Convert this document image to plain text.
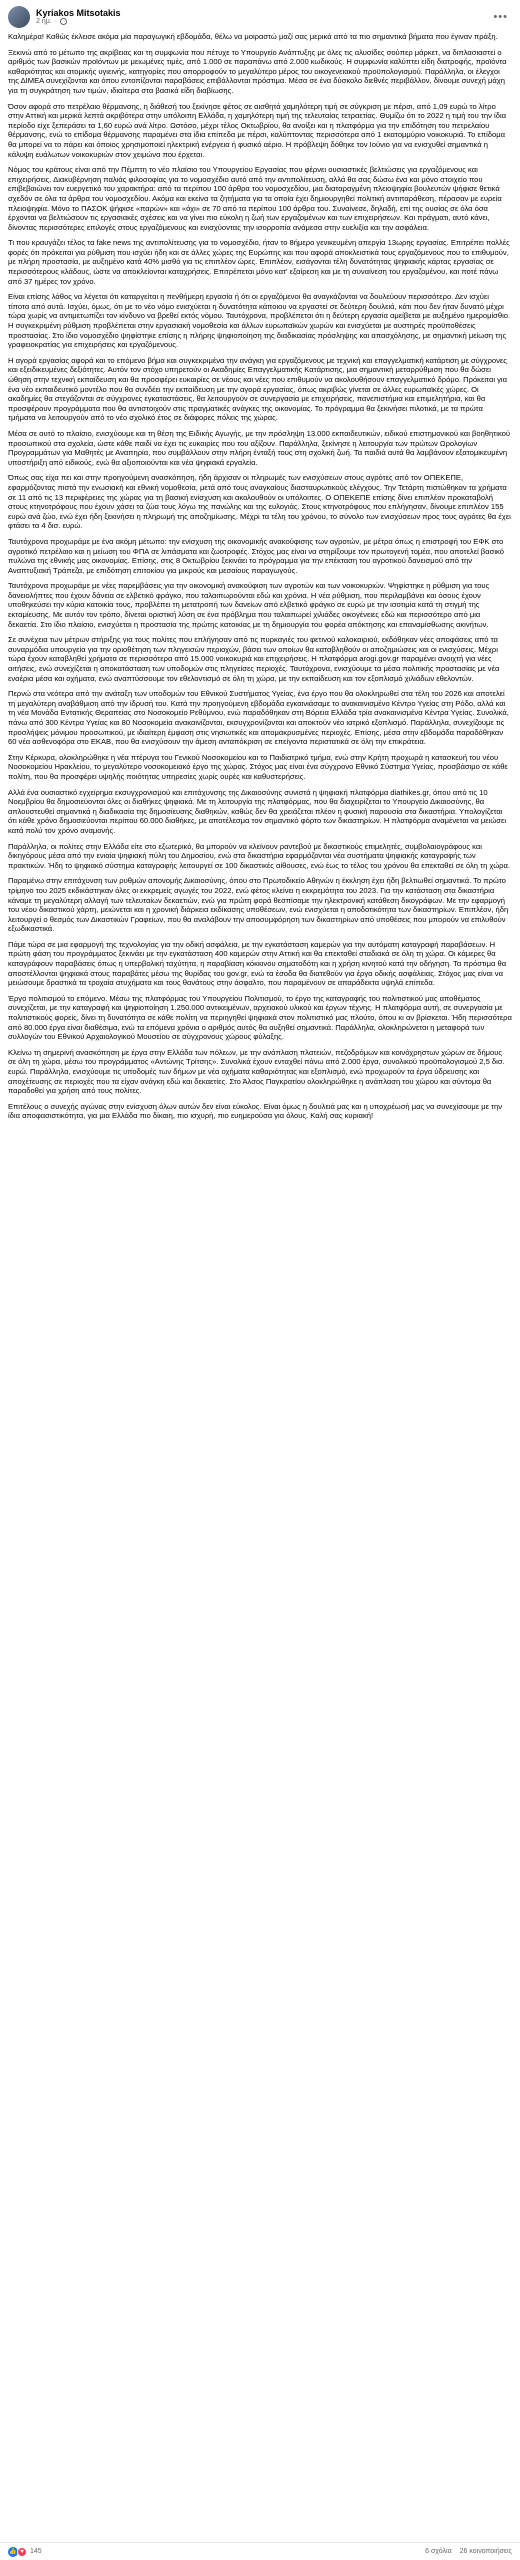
Kyriakos Mitsotakis
2 ημ. ·	•••

Καλημέρα! Καθώς έκλεισε ακόμα μία παραγωγική εβδομάδα, θέλω να μοιραστώ μαζί σας μερικά από τα πιο σημαντικά βήματα που έγιναν πράξη.

Ξεκινώ από το μέτωπο της ακρίβειας και τη συμφωνία που πέτυχε το Υπουργείο Ανάπτυξης με όλες τις αλυσίδες σούπερ μάρκετ, να διπλασιαστεί ο αριθμός των βασικών προϊόντων με μειωμένες τιμές, από 1.000 σε παραπάνω από 2.000 κωδικούς. Η συμφωνία καλύπτει είδη διατροφής, προϊόντα καθαριότητας και ατομικής υγιεινής, κατηγορίες που απορροφούν το μεγαλύτερο μέρος του οικογενειακού προϋπολογισμού. Παράλληλα, οι έλεγχοι της ΔΙΜΕΑ συνεχίζονται και όπου εντοπίζονται παραβάσεις επιβάλλονται πρόστιμα. Μέσα σε ένα δύσκολο διεθνές περιβάλλον, δίνουμε συνεχή μάχη για τη συγκράτηση των τιμών, ιδιαίτερα στα βασικά είδη διαβίωσης.

Όσον αφορά στο πετρέλαιο θέρμανσης, η διάθεσή του ξεκίνησε φέτος σε αισθητά χαμηλότερη τιμή σε σύγκριση με πέρσι, από 1,09 ευρώ το λίτρο στην Αττική και μερικά λεπτά ακριβότερα στην υπόλοιπη Ελλάδα, η χαμηλότερη τιμή της τελευταίας τετραετίας. Θυμίζω ότι το 2022 η τιμή του την ίδια περίοδο είχε ξεπεράσει τα 1,60 ευρώ ανά λίτρο. Ωστόσο, μέχρι τέλος Οκτωβρίου, θα ανοίξει και η πλατφόρμα για την επιδότηση του πετρελαίου θέρμανσης, ενώ το επίδομα θέρμανσης παραμένει στα ίδια επίπεδα με πέρσι, καλύπτοντας περισσότερα από 1 εκατομμύριο νοικοκυριά. Το επίδομα θα μπορεί να το πάρει και όποιος χρησιμοποιεί ηλεκτρική ενέργεια ή φυσικό αέριο. Η πρόβλεψη δόθηκε τον Ιούνιο για να ενισχυθεί σημαντικά η κάλυψη ευάλωτων νοικοκυριών στον χειμώνα που έρχεται.

Νόμος του κράτους είναι από την Πέμπτη το νέο πλαίσιο του Υπουργείου Εργασίας που φέρνει ουσιαστικές βελτιώσεις για εργαζόμενους και επιχειρήσεις. Διακυβέρνηση παλιάς φιλοσοφίας για το νομοσχέδιο αυτό από την αντιπολίτευση, αλλά θα σας δώσω ένα και μόνο στοιχείο που επιβεβαιώνει τον ευεργετικό του χαρακτήρα: από τα περίπου 100 άρθρα του νομοσχεδίου, μια διαταραγμένη πλειοψηφία βουλευτών ψήφισε θετικά σχεδόν σε όλα τα άρθρα του νομοσχεδίου. Ακόμα και εκείνα τα ζητήματα για τα οποία έχει δημιουργηθεί πολιτική αντιπαράθεση, πέρασαν με ευρεία πλειοψηφία. Μόνο το ΠΑΣΟΚ ψήφισε «παρών» και «όχι» σε 70 από τα περίπου 100 άρθρα του. Συναίνεσε, δηλαδή, επί της ουσίας σε όλα όσα έρχονται να βελτιώσουν τις εργασιακές σχέσεις και να γίνει πιο εύκολη η ζωή των εργαζομένων και των επιχειρήσεων. Και πράγματι, αυτό κάνει, δίνοντας περισσότερες επιλογές στους εργαζόμενους και ενισχύοντας την ισορροπία ανάμεσα στην ευελιξία και την ασφάλεια.

Τι που κραυγάζει τέλος τα fake news της αντιπολίτευσης για το νομοσχέδιο, ήταν το 8ήμερο γενικευμένη απεργία 13ωρης εργασίας. Επιτρέπει πολλές φορές ότι πρόκειται για ρύθμιση που ισχύει ήδη και σε άλλες χώρες της Ευρώπης και που αφορά αποκλειστικά τους εργαζόμενους που το επιθυμούν, με πλήρη προστασία, με αυξημένο κατά 40% μισθό για τις επιπλέον ώρες. Επιπλέον, εισάγονται τέλη δυνατότητας ψηφιακής κάρτας εργασίας σε περισσότερους κλάδους, ώστε να αποκλείονται καταχρήσεις. Επιτρέπεται μόνο κατ' εξαίρεση και με τη συναίνεση του εργαζομένου, και ποτέ πάνω από 37 ημέρες τον χρόνο.

Είναι επίσης λάθος να λέγεται ότι καταργείται η πενθήμερη εργασία ή ότι οι εργαζόμενοι θα αναγκάζονται να δουλεύουν περισσότερο. Δεν ισχύει τίποτα από αυτά. Ισχύει, όμως, ότι με το νέο νόμο ενισχύεται η δυνατότητα κάποιου να εργαστεί σε δεύτερη δουλειά, κάτι που δεν ήταν δυνατό μέχρι τώρα χωρίς να αντιμετωπίζει τον κίνδυνο να βρεθεί εκτός νόμου. Ταυτόχρονα, προβλέπεται ότι η δεύτερη εργασία αμείβεται με αυξημένο ημερομίσθιο. Η συγκεκριμένη ρύθμιση προβλέπεται στην εργασιακή νομοθεσία και άλλων ευρωπαϊκών χωρών και ενισχύεται με αυστηρές προϋποθέσεις προστασίας. Στο ίδιο νομοσχέδιο ψηφίστηκε επίσης η πλήρης ψηφιοποίηση της διαδικασίας πρόσληψης και απασχόλησης, με σημαντική μείωση της γραφειοκρατίας για επιχειρήσεις και εργαζόμενους.

Η αγορά εργασίας αφορά και το επόμενο βήμα και συγκεκριμένα την ανάγκη για εργαζόμενους με τεχνική και επαγγελματική κατάρτιση με σύγχρονες και εξειδικευμένες δεξιότητες. Αυτόν τον στόχο υπηρετούν οι Ακαδημίες Επαγγελματικής Κατάρτισης, μια σημαντική μεταρρύθμιση που θα δώσει ώθηση στην τεχνική εκπαίδευση και θα προσφέρει ευκαιρίες σε νέους και νέες που επιθυμούν να ακολουθήσουν επαγγελματικό δρόμο. Πρόκειται για ένα νέο εκπαιδευτικό μοντέλο που θα συνδέει την εκπαίδευση με την αγορά εργασίας, όπως ακριβώς γίνεται σε άλλες ευρωπαϊκές χώρες. Οι ακαδημίες θα στεγάζονται σε σύγχρονες εγκαταστάσεις, θα λειτουργούν σε συνεργασία με επιχειρήσεις, πανεπιστήμια και επιμελητήρια, και θα προσφέρουν προγράμματα που θα αντιστοιχούν στις πραγματικές ανάγκες της οικονομίας. Το πρόγραμμα θα ξεκινήσει πιλοτικά, με τα πρώτα τμήματα να λειτουργούν από το νέο σχολικό έτος σε διάφορες πόλεις της χώρας.

Μέσα σε αυτό το πλαίσιο, ενισχύουμε και τη θέση της Ειδικής Αγωγής, με την πρόσληψη 13.000 εκπαιδευτικών, ειδικού επιστημονικού και βοηθητικού προσωπικού στα σχολεία, ώστε κάθε παιδί να έχει τις ευκαιρίες που του αξίζουν. Παράλληλα, ξεκίνησε η λειτουργία των πρώτων Ωρολογίων Προγραμμάτων για Μαθητές με Αναπηρία, που συμβάλλουν στην πλήρη ένταξή τους στη σχολική ζωή. Τα παιδιά αυτά θα λαμβάνουν εξατομικευμένη υποστήριξη από ειδικούς, ενώ θα αξιοποιούνται και νέα ψηφιακά εργαλεία.

Όπως σας είχα πει και στην προηγούμενη ανασκόπηση, ήδη άρχισαν οι πληρωμές των ενισχύσεων στους αγρότες από τον ΟΠΕΚΕΠΕ, εφαρμόζοντας πιστά την ενωσιακή και εθνική νομοθεσία, μετά από τους αναγκαίους διασταυρωτικούς ελέγχους. Την Τετάρτη πιστώθηκαν τα χρήματα σε 11 από τις 13 περιφέρειες της χώρας για τη βασική ενίσχυση και ακολουθούν οι υπόλοιπες. Ο ΟΠΕΚΕΠΕ επίσης δίνει επιπλέον προκαταβολή στους κτηνοτρόφους που έχουν χάσει τα ζώα τους λόγω της πανώλης και της ευλογιάς. Στους κτηνοτρόφους που επλήγησαν, δίνουμε επιπλέον 155 ευρώ ανά ζώο, ενώ έχει ήδη ξεκινήσει η πληρωμή της αποζημίωσης. Μέχρι τα τέλη του χρόνου, το σύνολο των ενισχύσεων προς τους αγρότες θα έχει φτάσει τα 4 δισ. ευρώ.

Ταυτόχρονα προχωράμε με ένα ακόμη μέτωπο: την ενίσχυση της οικονομικής ανακούφισης των αγροτών, με μέτρα όπως η επιστροφή του ΕΦΚ στο αγροτικό πετρέλαιο και η μείωση του ΦΠΑ σε λιπάσματα και ζωοτροφές. Στόχος μας είναι να στηρίξουμε τον πρωτογενή τομέα, που αποτελεί βασικό πυλώνα της εθνικής μας οικονομίας. Επίσης, στις 8 Οκτωβρίου ξεκινάει το πρόγραμμα για την επέκταση του αγροτικού δανεισμού από την Αναπτυξιακή Τράπεζα, με επιδότηση επιτοκίου για μικρούς και μεσαίους παραγωγούς.

Ταυτόχρονα προχωράμε με νέες παρεμβάσεις για την οικονομική ανακούφιση των αγροτών και των νοικοκυριών. Ψηφίστηκε η ρύθμιση για τους δανειολήπτες που έχουν δάνεια σε ελβετικό φράγκο, που ταλαιπωρούνται εδώ και χρόνια. Η νέα ρύθμιση, που περιλαμβάνει και όσους έχουν υποθηκεύσει την κύρια κατοικία τους, προβλέπει τη μετατροπή των δανείων από ελβετικό φράγκο σε ευρώ με την ισοτιμία κατά τη στιγμή της εκταμίευσης. Με αυτόν τον τρόπο, δίνεται οριστική λύση σε ένα πρόβλημα που ταλαιπωρεί χιλιάδες οικογένειες εδώ και περισσότερο από μια δεκαετία. Στο ίδιο πλαίσιο, ενισχύεται η προστασία της πρώτης κατοικίας με τη δημιουργία του φορέα απόκτησης και επαναμίσθωσης ακινήτων.

Σε συνέχεια των μέτρων στήριξης για τους πολίτες που επλήγησαν από τις πυρκαγιές του φετινού καλοκαιριού, εκδόθηκαν νέες αποφάσεις από τα συναρμόδια υπουργεία για την οριοθέτηση των πληγεισών περιοχών, βάσει των οποίων θα καταβληθούν οι αποζημιώσεις και οι ενισχύσεις. Μέχρι τώρα έχουν καταβληθεί χρήματα σε περισσότερα από 15.000 νοικοκυριά και επιχειρήσεις. Η πλατφόρμα arogi.gov.gr παραμένει ανοιχτή για νέες αιτήσεις, ενώ συνεχίζεται η αποκατάσταση των υποδομών στις πληγείσες περιοχές. Ταυτόχρονα, ενισχύουμε τα μέσα πολιτικής προστασίας με νέα εναέρια μέσα και οχήματα, ενώ αναπτύσσουμε τον εθελοντισμό σε όλη τη χώρα, με την εκπαίδευση και τον εξοπλισμό χιλιάδων εθελοντών.

Περνώ στα νεότερα από την ανάταξη των υποδομών του Εθνικού Συστήματος Υγείας, ένα έργο που θα ολοκληρωθεί στα τέλη του 2026 και αποτελεί τη μεγαλύτερη αναβάθμιση από την ίδρυσή του. Κατά την προηγούμενη εβδομάδα εγκαινιάσαμε το ανακαινισμένο Κέντρο Υγείας στη Ρόδο, αλλά και τη νέα Μονάδα Εντατικής Θεραπείας στο Νοσοκομείο Ρεθύμνου, ενώ παραδόθηκαν στη Βόρεια Ελλάδα τρία ανακαινισμένα Κέντρα Υγείας. Συνολικά, πάνω από 300 Κέντρα Υγείας και 80 Νοσοκομεία ανακαινίζονται, εκσυγχρονίζονται και αποκτούν νέο ιατρικό εξοπλισμό. Παράλληλα, συνεχίζουμε τις προσλήψεις μόνιμου προσωπικού, με ιδιαίτερη έμφαση στις νησιωτικές και απομακρυσμένες περιοχές. Επίσης, μέσα στην εβδομάδα παραδόθηκαν 60 νέα ασθενοφόρα στο ΕΚΑΒ, που θα ενισχύσουν την άμεση ανταπόκριση σε επείγοντα περιστατικά σε όλη την επικράτεια.

Στην Κέρκυρα, ολοκληρώθηκε η νέα πτέρυγα του Γενικού Νοσοκομείου και το Παιδιατρικό τμήμα, ενώ στην Κρήτη προχωρά η κατασκευή του νέου Νοσοκομείου Ηρακλείου, το μεγαλύτερο νοσοκομειακό έργο της χώρας. Στόχος μας είναι ένα σύγχρονο Εθνικό Σύστημα Υγείας, προσβάσιμο σε κάθε πολίτη, που θα προσφέρει υψηλής ποιότητας υπηρεσίες χωρίς ουρές και καθυστερήσεις.

Αλλά ένα ουσιαστικό εγχείρημα εκσυγχρονισμού και επιτάχυνσης της Δικαιοσύνης συνιστά η ψηφιακή πλατφόρμα diathikes.gr, όπου από τις 10 Νοεμβρίου θα δημοσιεύονται όλες οι διαθήκες ψηφιακά. Με τη λειτουργία της πλατφόρμας, που θα διαχειρίζεται το Υπουργείο Δικαιοσύνης, θα απλουστευθεί σημαντικά η διαδικασία της δημοσίευσης διαθηκών, καθώς δεν θα χρειάζεται πλέον η φυσική παρουσία στα δικαστήρια. Υπολογίζεται ότι κάθε χρόνο δημοσιεύονται περίπου 60.000 διαθήκες, με αποτέλεσμα τον σημαντικό φόρτο των δικαστηρίων. Η πλατφόρμα αναμένεται να μειώσει κατά πολύ τον χρόνο αναμονής.

Παράλληλα, οι πολίτες στην Ελλάδα είτε στο εξωτερικό, θα μπορούν να κλείνουν ραντεβού με δικαστικούς επιμελητές, συμβολαιογράφους και δικηγόρους μέσα από την ενιαία ψηφιακή πύλη του Δημοσίου, ενώ στα δικαστήρια εφαρμόζονται νέα συστήματα ψηφιακής καταγραφής των πρακτικών. Ήδη το ψηφιακό σύστημα καταγραφής λειτουργεί σε 100 δικαστικές αίθουσες, ενώ έως το τέλος του χρόνου θα επεκταθεί σε όλη τη χώρα.

Παραμένω στην επιτάχυνση των ρυθμών απονομής Δικαιοσύνης, όπου στο Πρωτοδικείο Αθηνών η έκκληση έχει ήδη βελτιωθεί σημαντικά. Το πρώτο τρίμηνο του 2025 εκδικάστηκαν όλες οι εκκρεμείς αγωγές του 2022, ενώ φέτος κλείνει η εκκρεμότητα του 2023. Για την κατάσταση στα δικαστήρια κάναμε τη μεγαλύτερη αλλαγή των τελευταίων δεκαετιών, ενώ για πρώτη φορά θεσπίσαμε την ηλεκτρονική κατάθεση δικογράφων. Με την εφαρμογή του νέου δικαστικού χάρτη, μειώνεται και η χρονική διάρκεια εκδίκασης υποθέσεων, ενώ ενισχύεται η αποδοτικότητα των δικαστηρίων. Επιπλέον, ήδη λειτουργεί ο θεσμός των Δικαστικών Γραφείων, που θα αναλάβουν την αποσυμφόρηση των δικαστηρίων από υποθέσεις που μπορούν να επιλυθούν εξωδικαστικά.

Πάμε τώρα σε μια εφαρμογή της τεχνολογίας για την οδική ασφάλεια, με την εγκατάσταση καμερών για την αυτόματη καταγραφή παραβάσεων. Η πρώτη φάση του προγράμματος ξεκινάει με την εγκατάσταση 400 καμερών στην Αττική και θα επεκταθεί σταδιακά σε όλη τη χώρα. Οι κάμερες θα καταγράφουν παραβάσεις όπως η υπερβολική ταχύτητα, η παραβίαση κόκκινου σηματοδότη και η χρήση κινητού κατά την οδήγηση. Τα πρόστιμα θα αποστέλλονται ψηφιακά στους παραβάτες μέσω της θυρίδας του gov.gr, ενώ τα έσοδα θα διατεθούν για έργα οδικής ασφάλειας. Στόχος μας είναι να μειώσουμε δραστικά τα τροχαία ατυχήματα και τους θανάτους στην άσφαλτο, που παραμένουν σε απαράδεκτα υψηλά επίπεδα.

Έργο πολιτισμού το επόμενο. Μέσω της πλατφόρμας του Υπουργείου Πολιτισμού, το έργο της καταγραφής του πολιτιστικού μας αποθέματος συνεχίζεται, με την καταγραφή και ψηφιοποίηση 1.250.000 αντικειμένων, αρχειακού υλικού και έργων τέχνης. Η πλατφόρμα αυτή, σε συνεργασία με πολιτιστικούς φορείς, δίνει τη δυνατότητα σε κάθε πολίτη να περιηγηθεί ψηφιακά στον πολιτιστικό μας πλούτο, όπου κι αν βρίσκεται. Ήδη περισσότερα από 80.000 έργα είναι διαθέσιμα, ενώ τα επόμενα χρόνια ο αριθμός αυτός θα αυξηθεί σημαντικά. Παράλληλα, ολοκληρώνεται η μεταφορά των συλλογών του Εθνικού Αρχαιολογικού Μουσείου σε σύγχρονους χώρους φύλαξης.

Κλείνω τη σημερινή ανασκόπηση με έργα στην Ελλάδα των πόλεων, με την ανάπλαση πλατειών, πεζοδρόμων και κοινόχρηστων χώρων σε δήμους σε όλη τη χώρα, μέσω του προγράμματος «Αντώνης Τρίτσης». Συνολικά έχουν ενταχθεί πάνω από 2.000 έργα, συνολικού προϋπολογισμού 2,5 δισ. ευρώ. Παράλληλα, ενισχύουμε τις υποδομές των δήμων με νέα οχήματα καθαριότητας και εξοπλισμό, ενώ προχωρούν τα έργα ύδρευσης και αποχέτευσης σε περιοχές που τα είχαν ανάγκη εδώ και δεκαετίες. Στο Άλσος Παγκρατίου ολοκληρώθηκε η ανάπλαση του χώρου και σύντομα θα παραδοθεί για χρήση από τους πολίτες.

Επιτέλους ο συνεχής αγώνας στην ενίσχυση όλων αυτών δεν είναι εύκολος. Είναι όμως η δουλειά μας και η υποχρέωσή μας να συνεχίσουμε με την ίδια αποφασιστικότητα, για μια Ελλάδα πιο δίκαιη, πιο ισχυρή, πιο ευημερούσα για όλους. Καλή σας κυριακή!

👍 ♥ 145	6 σχόλια 26 κοινοποιήσεις
